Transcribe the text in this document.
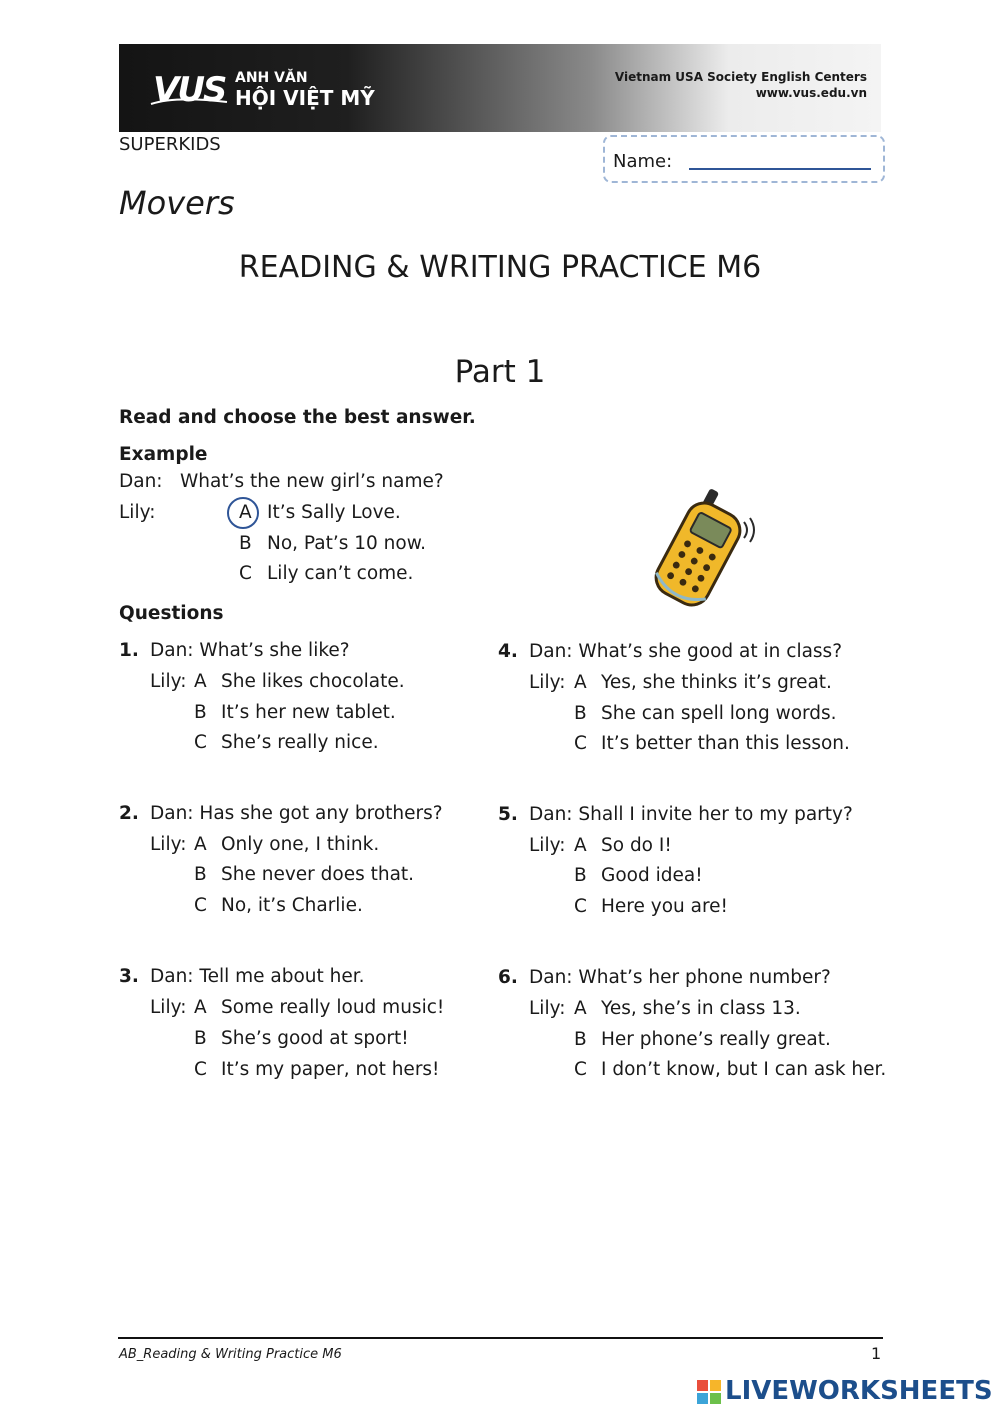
VUS ANH VĂN
HỘI VIỆT MỸ
Vietnam USA Society English Centers
www.vus.edu.vn
SUPERKIDS
Name:
Movers
READING & WRITING PRACTICE M6
Part 1
Read and choose the best answer.
Example
Dan: What’s the new girl’s name?
Lily:	A It’s Sally Love.
B No, Pat’s 10 now.
C Lily can’t come.
Questions
1. Dan: What’s she like?
Lily: A She likes chocolate.
B It’s her new tablet.
C She’s really nice.
2. Dan: Has she got any brothers?
Lily: A Only one, I think.
B She never does that.
C No, it’s Charlie.
3. Dan: Tell me about her.
Lily: A Some really loud music!
B She’s good at sport!
C It’s my paper, not hers!
4. Dan: What’s she good at in class?
Lily: A Yes, she thinks it’s great.
B She can spell long words.
C It’s better than this lesson.
5. Dan: Shall I invite her to my party?
Lily: A So do I!
B Good idea!
C Here you are!
6. Dan: What’s her phone number?
Lily: A Yes, she’s in class 13.
B Her phone’s really great.
C I don’t know, but I can ask her.
AB_Reading & Writing Practice M6	1
LIVEWORKSHEETS
